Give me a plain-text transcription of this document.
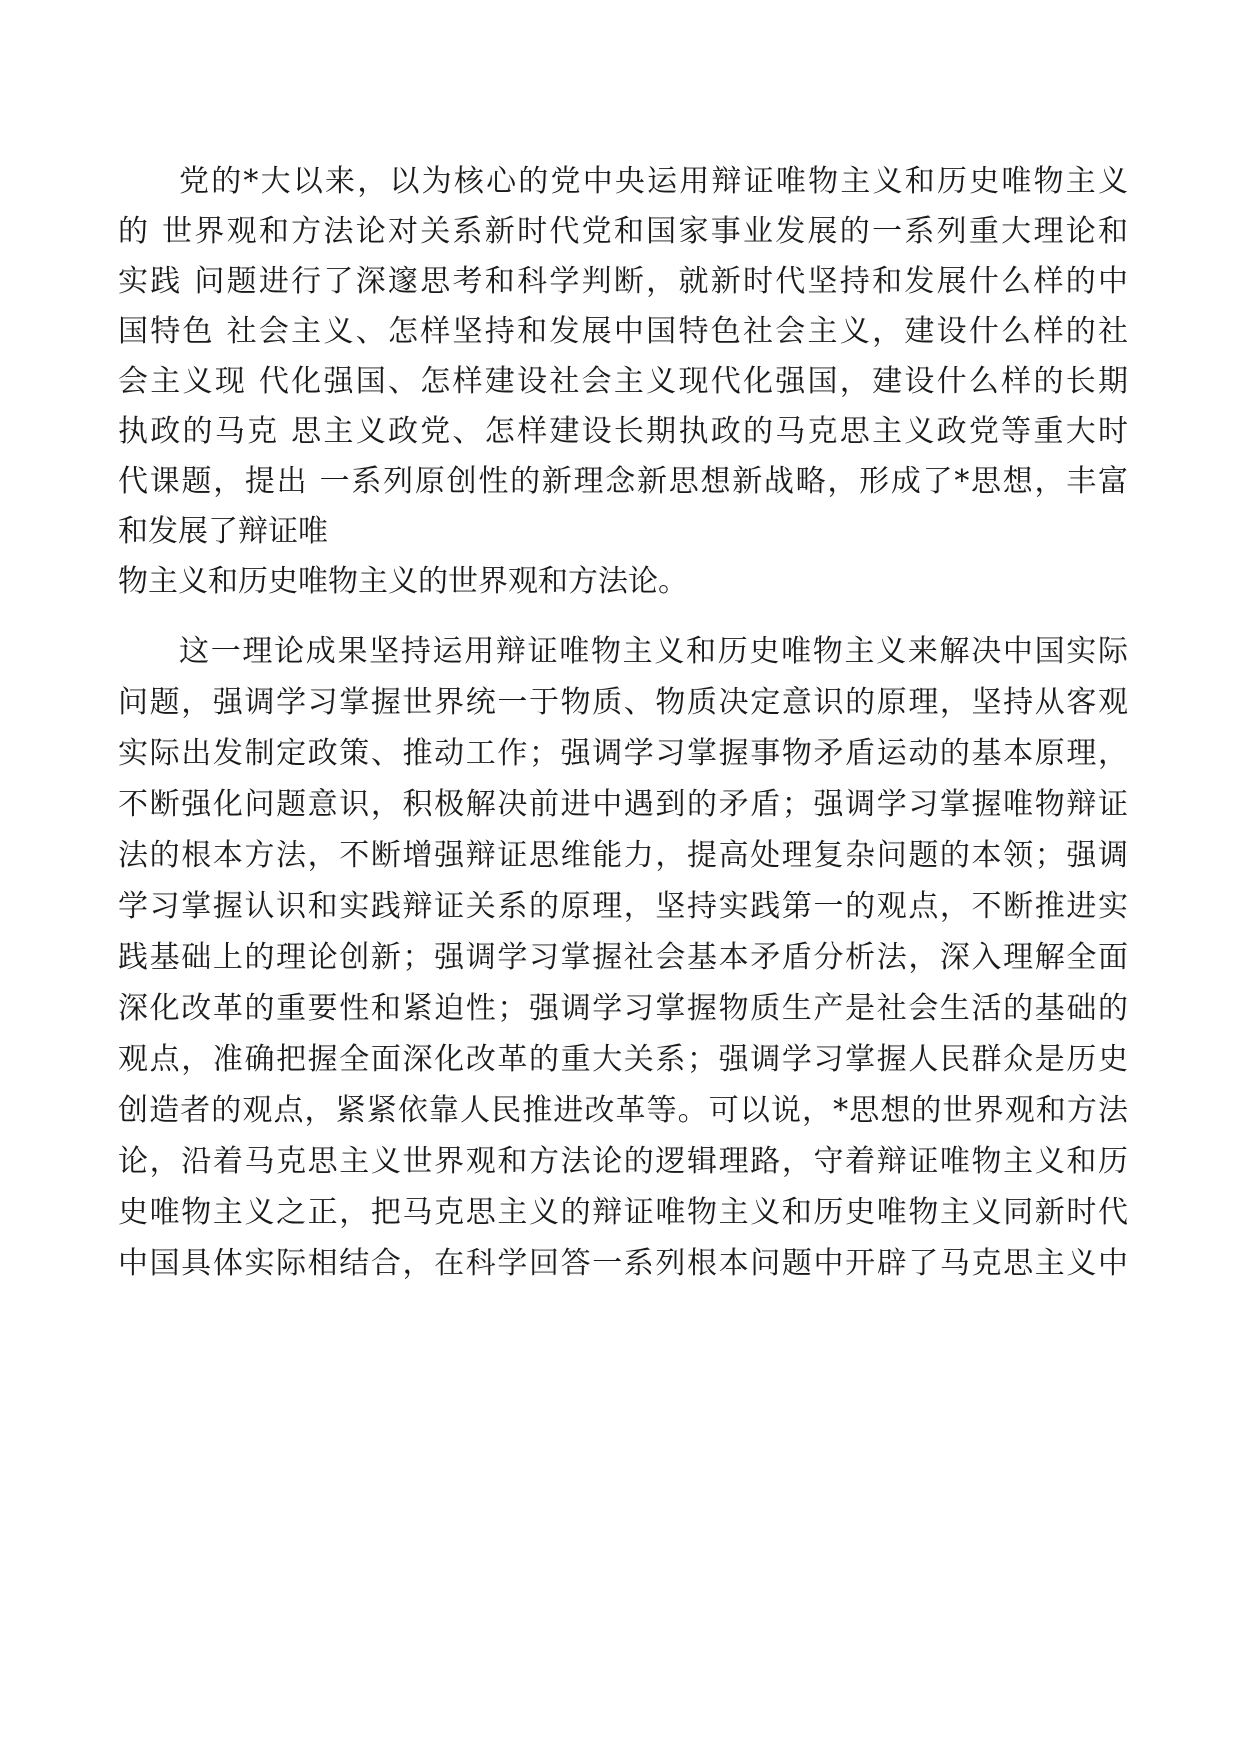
党的*大以来，以为核心的党中央运用辩证唯物主义和历史唯物主义

的 世界观和方法论对关系新时代党和国家事业发展的一系列重大理论和

实践 问题进行了深邃思考和科学判断，就新时代坚持和发展什么样的中

国特色 社会主义、怎样坚持和发展中国特色社会主义，建设什么样的社

会主义现 代化强国、怎样建设社会主义现代化强国，建设什么样的长期

执政的马克 思主义政党、怎样建设长期执政的马克思主义政党等重大时

代课题，提出 一系列原创性的新理念新思想新战略，形成了*思想，丰富

和发展了辩证唯

物主义和历史唯物主义的世界观和方法论。

这一理论成果坚持运用辩证唯物主义和历史唯物主义来解决中国实际

问题，强调学习掌握世界统一于物质、物质决定意识的原理，坚持从客观

实际出发制定政策、推动工作；强调学习掌握事物矛盾运动的基本原理，

不断强化问题意识，积极解决前进中遇到的矛盾；强调学习掌握唯物辩证

法的根本方法，不断增强辩证思维能力，提高处理复杂问题的本领；强调

学习掌握认识和实践辩证关系的原理，坚持实践第一的观点，不断推进实

践基础上的理论创新；强调学习掌握社会基本矛盾分析法，深入理解全面

深化改革的重要性和紧迫性；强调学习掌握物质生产是社会生活的基础的

观点，准确把握全面深化改革的重大关系；强调学习掌握人民群众是历史

创造者的观点，紧紧依靠人民推进改革等。可以说，*思想的世界观和方法

论，沿着马克思主义世界观和方法论的逻辑理路，守着辩证唯物主义和历

史唯物主义之正，把马克思主义的辩证唯物主义和历史唯物主义同新时代

中国具体实际相结合，在科学回答一系列根本问题中开辟了马克思主义中
